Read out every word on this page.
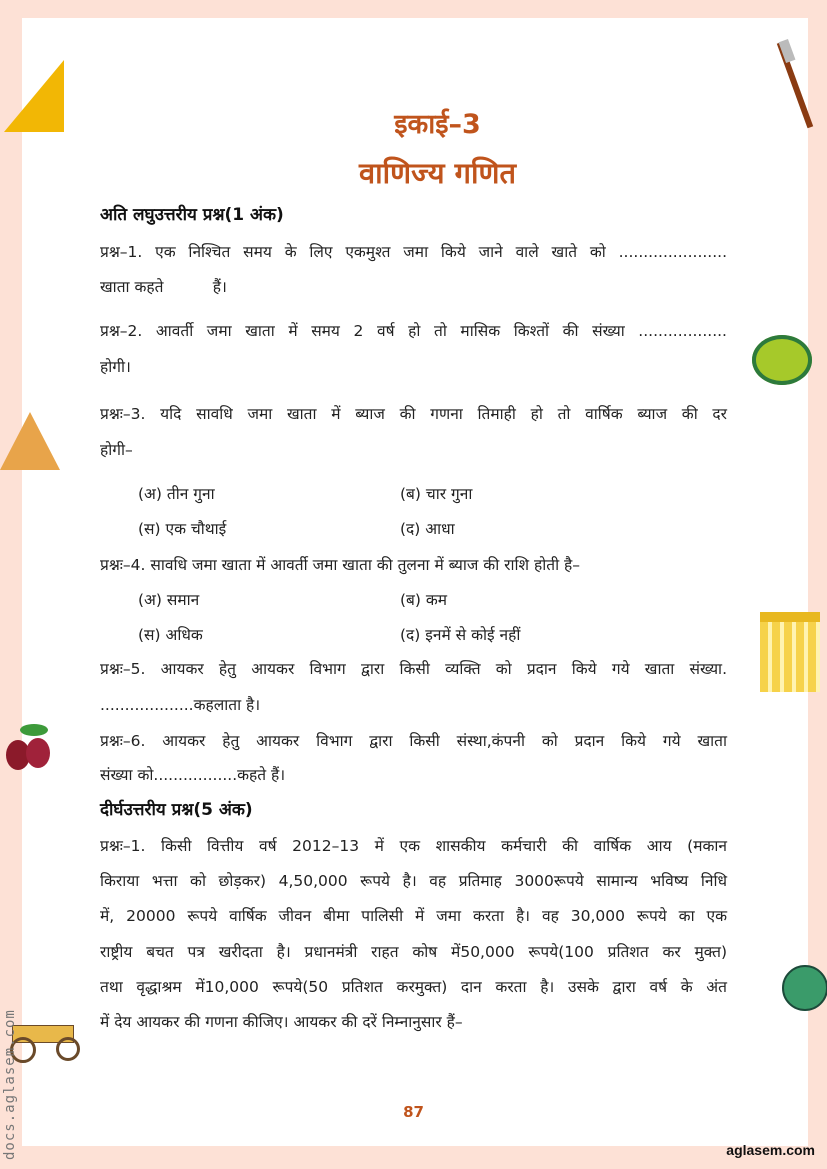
docs.aglasem.com
इकाई–3
वाणिज्य गणित
अति लघुउत्तरीय प्रश्न(1 अंक)
प्रश्न–1. एक निश्चित समय के लिए एकमुश्त जमा किये जाने वाले खाते को ......................
खाता कहते          हैं।
प्रश्न–2. आवर्ती जमा खाता में समय 2 वर्ष हो तो मासिक किश्तों की संख्या ..................
होगी।
प्रश्नः–3. यदि सावधि जमा खाता में ब्याज की गणना तिमाही हो तो वार्षिक ब्याज की दर
होगी–
(अ) तीन गुना	(ब) चार गुना
(स) एक चौथाई	(द) आधा
प्रश्नः–4. सावधि जमा खाता में आवर्ती जमा खाता की तुलना में ब्याज की राशि होती है–
(अ) समान	(ब) कम
(स) अधिक	(द) इनमें से कोई नहीं
प्रश्नः–5. आयकर हेतु आयकर विभाग द्वारा किसी व्यक्ति को प्रदान किये गये खाता संख्या.
...................कहलाता है।
प्रश्नः–6. आयकर हेतु आयकर विभाग द्वारा किसी संस्था,कंपनी को प्रदान किये गये खाता
संख्या को.................कहते हैं।
दीर्घउत्तरीय प्रश्न(5 अंक)
प्रश्नः–1. किसी वित्तीय वर्ष 2012–13 में एक शासकीय कर्मचारी की वार्षिक आय (मकान
किराया भत्ता को छोड़कर) 4,50,000 रूपये है। वह प्रतिमाह 3000रूपये सामान्य भविष्य निधि
में, 20000 रूपये वार्षिक जीवन बीमा पालिसी में जमा करता है। वह 30,000 रूपये का एक
राष्ट्रीय बचत पत्र खरीदता है। प्रधानमंत्री राहत कोष में50,000 रूपये(100 प्रतिशत कर मुक्त)
तथा वृद्धाश्रम में10,000 रूपये(50 प्रतिशत करमुक्त) दान करता है। उसके द्वारा वर्ष के अंत
में देय आयकर की गणना कीजिए। आयकर की दरें निम्नानुसार हैं–
87
aglasem.com
